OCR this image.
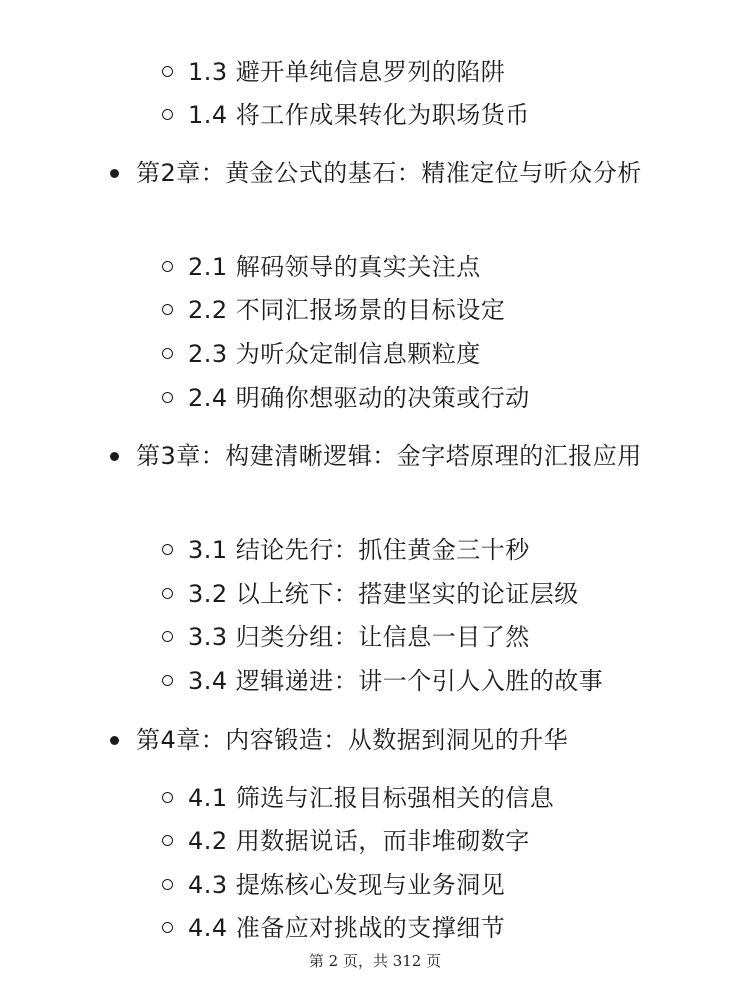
1.3 避开单纯信息罗列的陷阱
1.4 将工作成果转化为职场货币
第2章：黄金公式的基石：精准定位与听众分析
2.1 解码领导的真实关注点
2.2 不同汇报场景的目标设定
2.3 为听众定制信息颗粒度
2.4 明确你想驱动的决策或行动
第3章：构建清晰逻辑：金字塔原理的汇报应用
3.1 结论先行：抓住黄金三十秒
3.2 以上统下：搭建坚实的论证层级
3.3 归类分组：让信息一目了然
3.4 逻辑递进：讲一个引人入胜的故事
第4章：内容锻造：从数据到洞见的升华
4.1 筛选与汇报目标强相关的信息
4.2 用数据说话，而非堆砌数字
4.3 提炼核心发现与业务洞见
4.4 准备应对挑战的支撑细节
第 2 页，共 312 页
